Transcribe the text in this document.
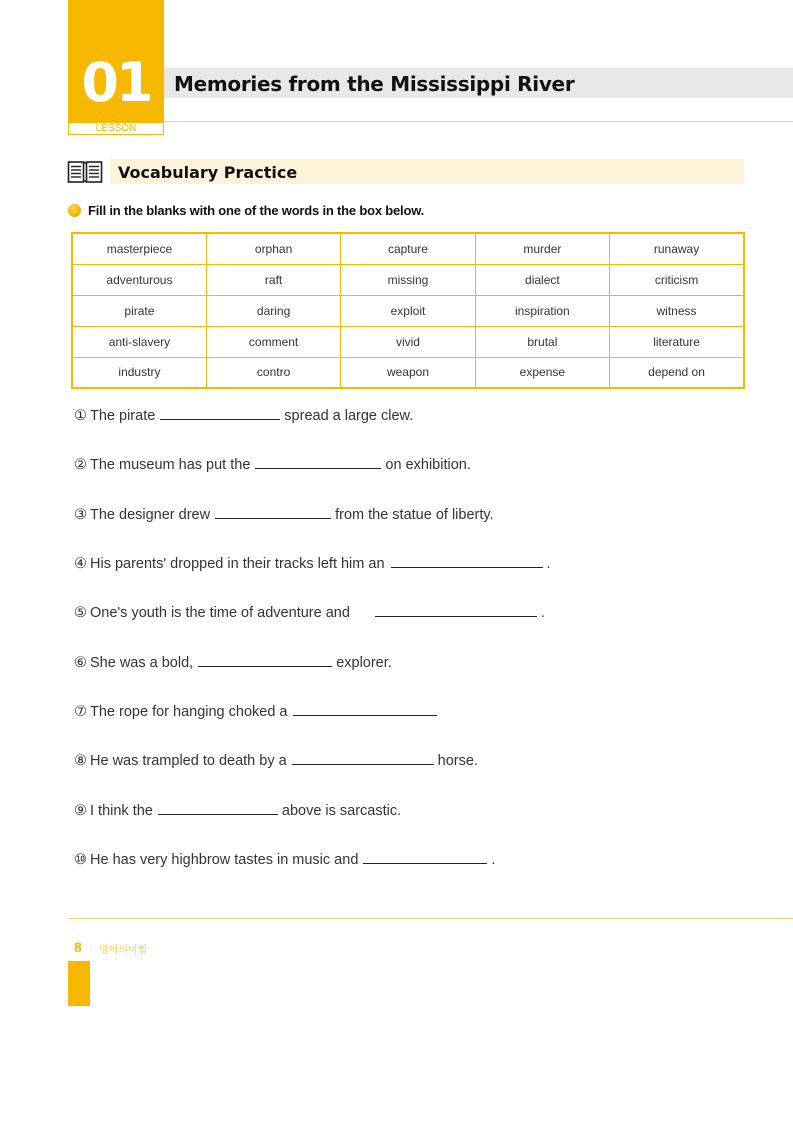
01
LESSON
Memories from the Mississippi River
Vocabulary Practice
Fill in the blanks with one of the words in the box below.
masterpiece	orphan	capture	murder	runaway
adventurous	raft	missing	dialect	criticism
pirate	daring	exploit	inspiration	witness
anti-slavery	comment	vivid	brutal	literature
industry	contro	weapon	expense	depend on
① The pirate	spread a large clew.
② The museum has put the	on exhibition.
③ The designer drew	from the statue of liberty.
④ His parents' dropped in their tracks left him an	.
⑤ One's youth is the time of adventure and	.
⑥ She was a bold,	explorer.
⑦ The rope for hanging choked a
⑧ He was trampled to death by a	horse.
⑨ I think the	above is sarcastic.
⑩ He has very highbrow tastes in music and	.
8 영어의비법
